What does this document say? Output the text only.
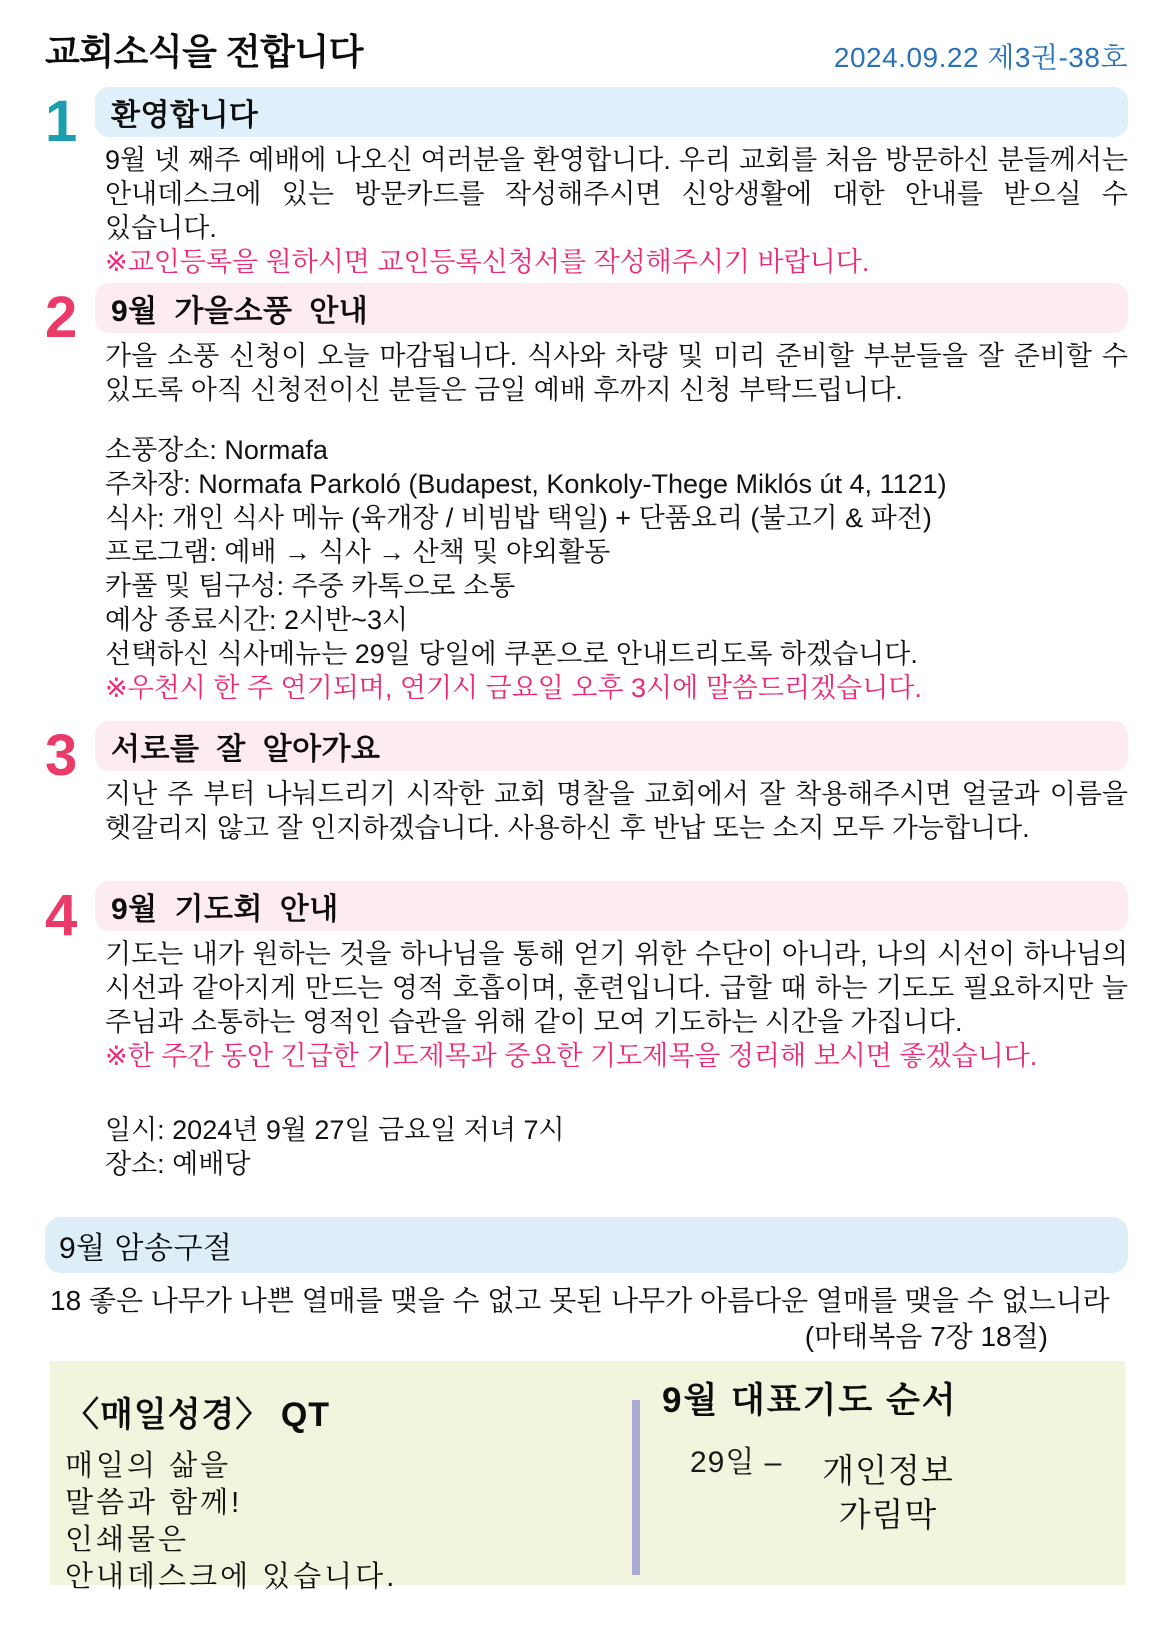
교회소식을 전합니다	2024.09.22 제3권-38호
1	환영합니다
9월 넷 째주 예배에 나오신 여러분을 환영합니다. 우리 교회를 처음 방문하신 분들께서는 안내데스크에 있는 방문카드를 작성해주시면 신앙생활에 대한 안내를 받으실 수 있습니다.
※교인등록을 원하시면 교인등록신청서를 작성해주시기 바랍니다.
2	9월 가을소풍 안내
가을 소풍 신청이 오늘 마감됩니다. 식사와 차량 및 미리 준비할 부분들을 잘 준비할 수 있도록 아직 신청전이신 분들은 금일 예배 후까지 신청 부탁드립니다.
소풍장소: Normafa
주차장: Normafa Parkoló (Budapest, Konkoly-Thege Miklós út 4, 1121)
식사: 개인 식사 메뉴 (육개장 / 비빔밥 택일) + 단품요리 (불고기 & 파전)
프로그램: 예배 → 식사 → 산책 및 야외활동
카풀 및 팀구성: 주중 카톡으로 소통
예상 종료시간: 2시반~3시
선택하신 식사메뉴는 29일 당일에 쿠폰으로 안내드리도록 하겠습니다.
※우천시 한 주 연기되며, 연기시 금요일 오후 3시에 말씀드리겠습니다.
3	서로를 잘 알아가요
지난 주 부터 나눠드리기 시작한 교회 명찰을 교회에서 잘 착용해주시면 얼굴과 이름을 헷갈리지 않고 잘 인지하겠습니다. 사용하신 후 반납 또는 소지 모두 가능합니다.
4	9월 기도회 안내
기도는 내가 원하는 것을 하나님을 통해 얻기 위한 수단이 아니라, 나의 시선이 하나님의 시선과 같아지게 만드는 영적 호흡이며, 훈련입니다. 급할 때 하는 기도도 필요하지만 늘 주님과 소통하는 영적인 습관을 위해 같이 모여 기도하는 시간을 가집니다.
※한 주간 동안 긴급한 기도제목과 중요한 기도제목을 정리해 보시면 좋겠습니다.
일시: 2024년 9월 27일 금요일 저녀 7시
장소: 예배당
9월 암송구절
18 좋은 나무가 나쁜 열매를 맺을 수 없고 못된 나무가 아름다운 열매를 맺을 수 없느니라
(마태복음 7장 18절)
〈매일성경〉 QT
매일의 삶을
말씀과 함께!
인쇄물은
안내데스크에 있습니다.
9월 대표기도 순서
29일 –	개인정보
가림막
